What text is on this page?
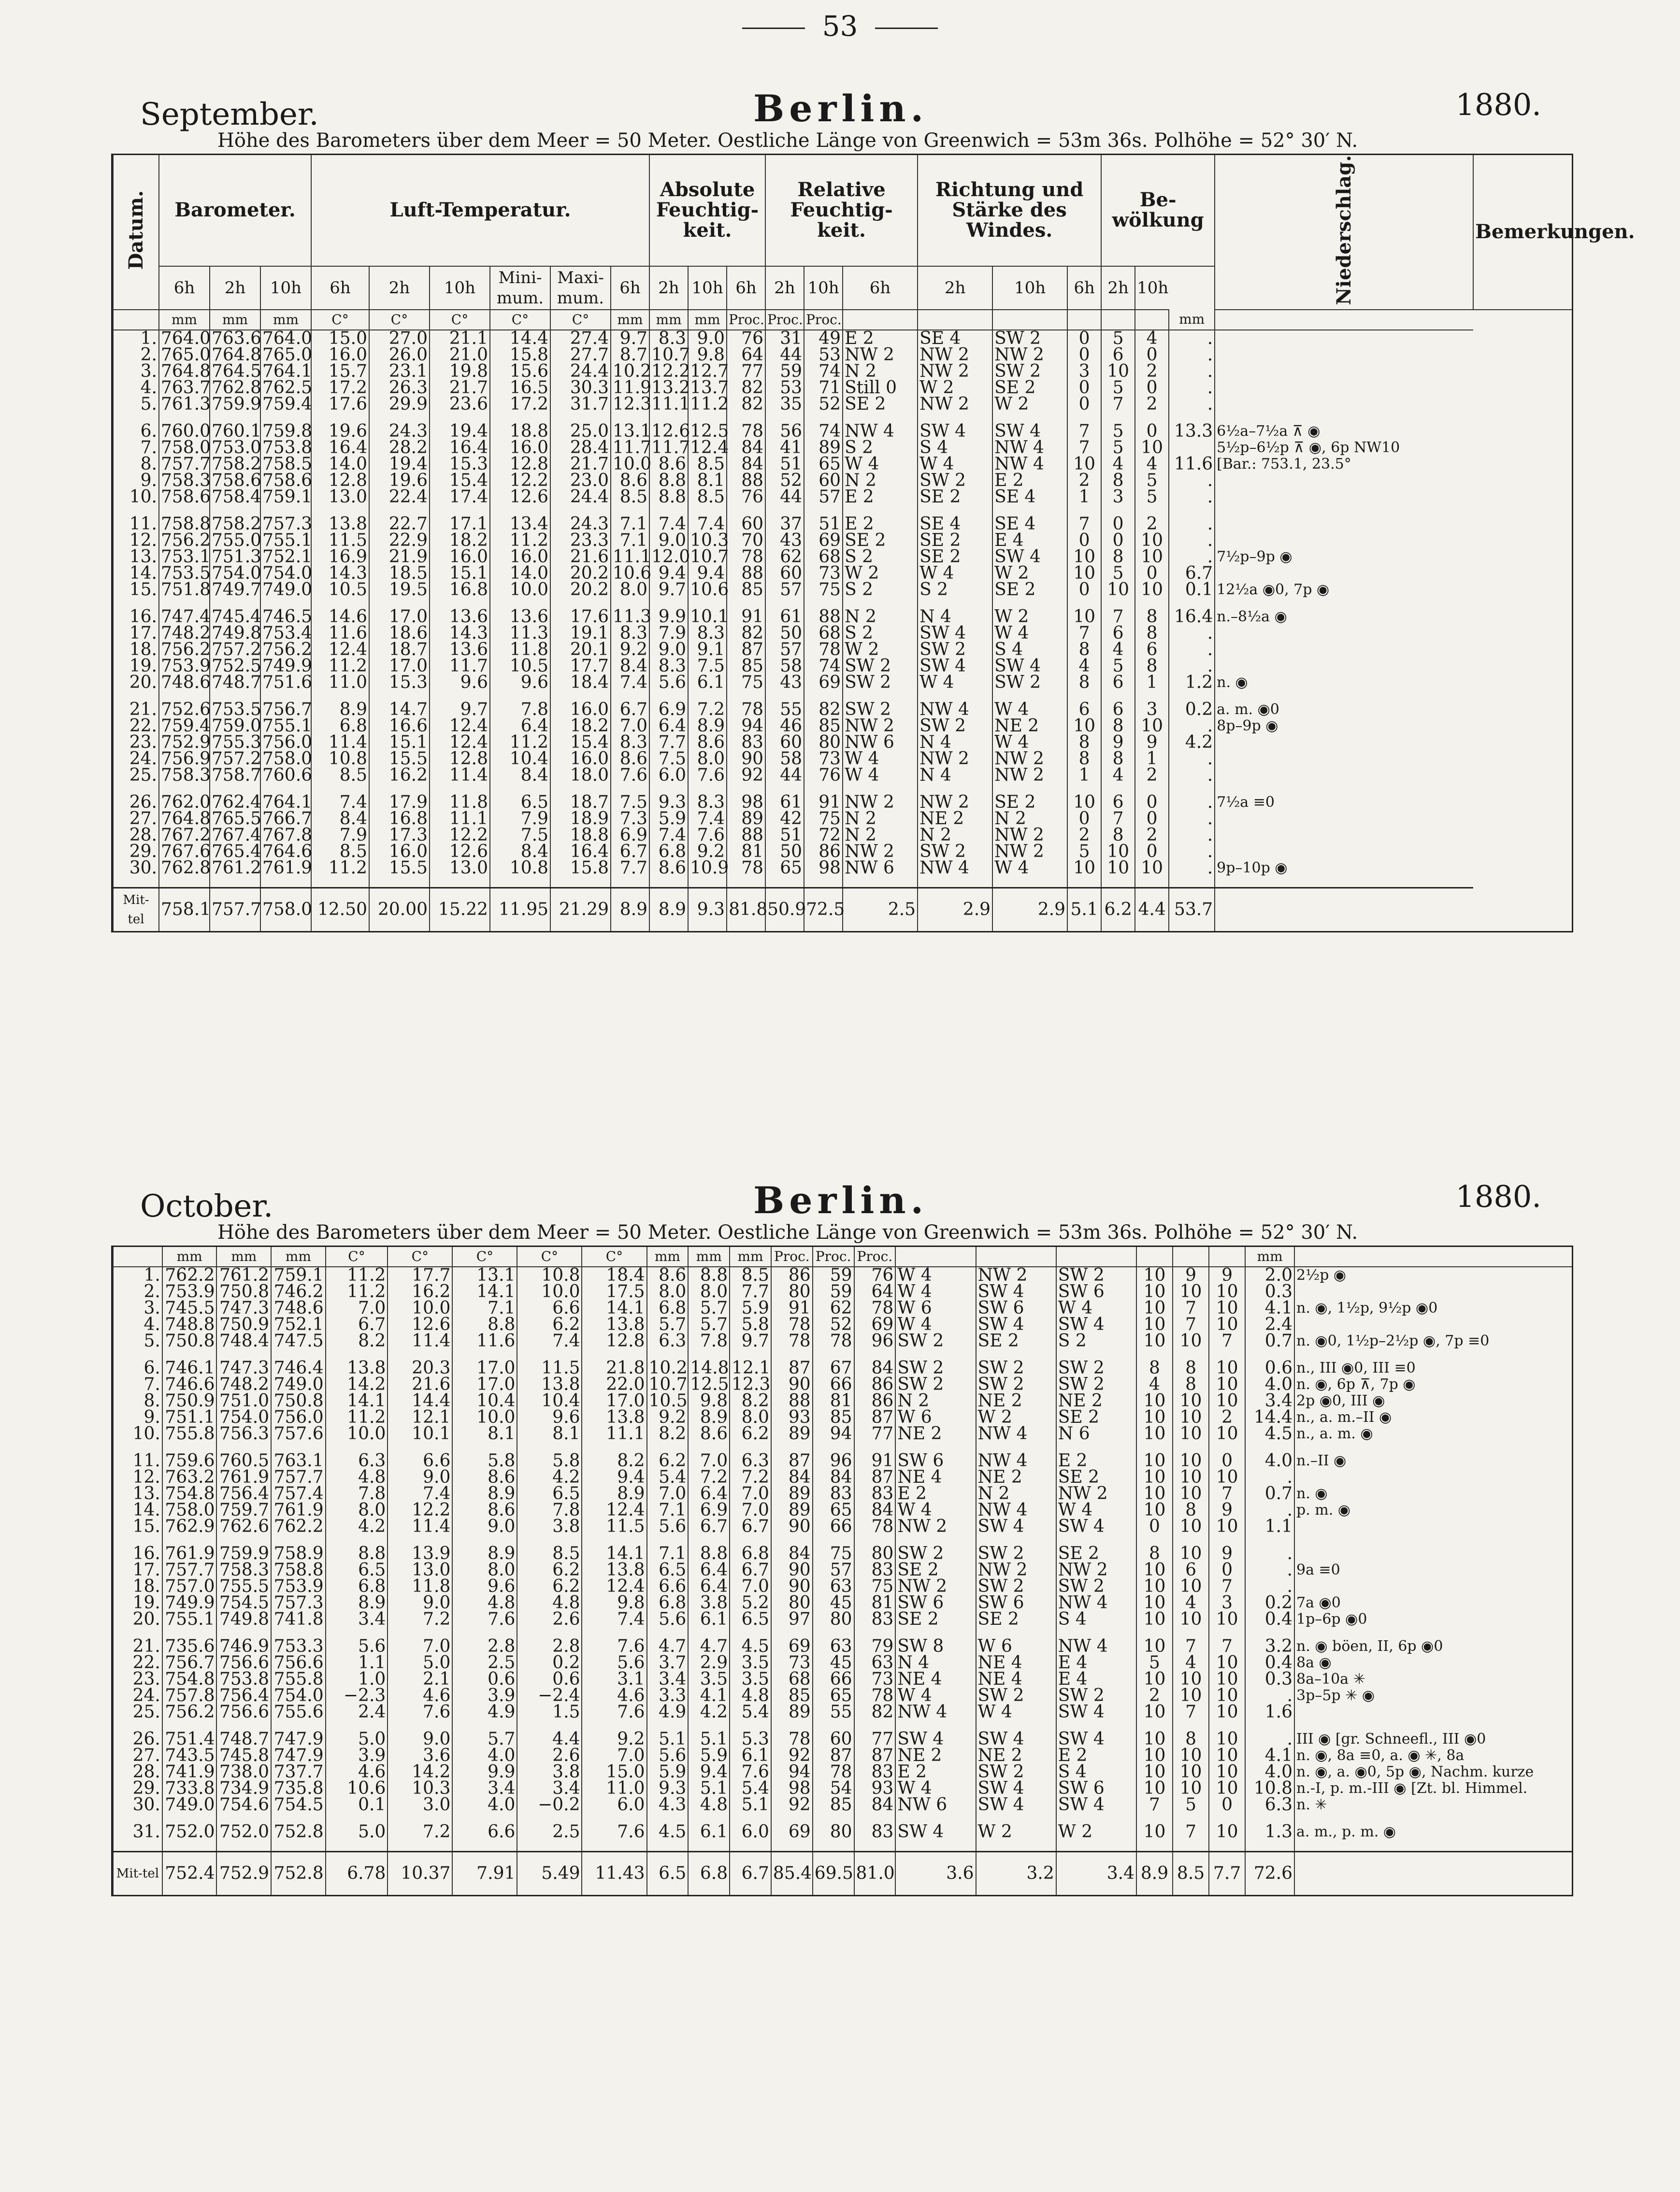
53
September.	Berlin.	1880.
Höhe des Barometers über dem Meer = 50 Meter. Oestliche Länge von Greenwich = 53m 36s. Polhöhe = 52° 30′ N.
Datum.	Barometer.			Luft-Temperatur.						Absolute Feuchtig-keit.			Relative Feuchtig-keit.			Richtung und Stärke des Windes.			Be-wölkung			Niederschlag.	Bemerkungen.
	6h	2h	10h	6h	2h	10h	Mini-mum.	Maxi-mum.	6h	2h	10h	6h	2h	10h	6h	2h	10h	6h	2h	10h			
	mm	mm	mm	C°	C°	C°	C°	C°	mm	mm	mm	Proc.	Proc.	Proc.							mm		
1.	764.0	763.6	764.0	15.0	27.0	21.1	14.4	27.4	9.7	8.3	9.0	76	31	49	E 2	SE 4	SW 2	0	5	4	.		
2.	765.0	764.8	765.0	16.0	26.0	21.0	15.8	27.7	8.7	10.7	9.8	64	44	53	NW 2	NW 2	NW 2	0	6	0	.		
3.	764.8	764.5	764.1	15.7	23.1	19.8	15.6	24.4	10.2	12.2	12.7	77	59	74	N 2	NW 2	SW 2	3	10	2	.		
4.	763.7	762.8	762.5	17.2	26.3	21.7	16.5	30.3	11.9	13.2	13.7	82	53	71	Still 0	W 2	SE 2	0	5	0	.		
5.	761.3	759.9	759.4	17.6	29.9	23.6	17.2	31.7	12.3	11.1	11.2	82	35	52	SE 2	NW 2	W 2	0	7	2	.		

6.	760.0	760.1	759.8	19.6	24.3	19.4	18.8	25.0	13.1	12.6	12.5	78	56	74	NW 4	SW 4	SW 4	7	5	0	13.3	6½a–7½a ⊼ ◉	
7.	758.0	753.0	753.8	16.4	28.2	16.4	16.0	28.4	11.7	11.7	12.4	84	41	89	S 2	S 4	NW 4	7	5	10		5½p–6½p ⊼ ◉, 6p NW10	
8.	757.7	758.2	758.5	14.0	19.4	15.3	12.8	21.7	10.0	8.6	8.5	84	51	65	W 4	W 4	NW 4	10	4	4	11.6	[Bar.: 753.1, 23.5°	
9.	758.3	758.6	758.6	12.8	19.6	15.4	12.2	23.0	8.6	8.8	8.1	88	52	60	N 2	SW 2	E 2	2	8	5	.		
10.	758.6	758.4	759.1	13.0	22.4	17.4	12.6	24.4	8.5	8.8	8.5	76	44	57	E 2	SE 2	SE 4	1	3	5	.		

11.	758.8	758.2	757.3	13.8	22.7	17.1	13.4	24.3	7.1	7.4	7.4	60	37	51	E 2	SE 4	SE 4	7	0	2	.		
12.	756.2	755.0	755.1	11.5	22.9	18.2	11.2	23.3	7.1	9.0	10.3	70	43	69	SE 2	SE 2	E 4	0	0	10	.		
13.	753.1	751.3	752.1	16.9	21.9	16.0	16.0	21.6	11.1	12.0	10.7	78	62	68	S 2	SE 2	SW 4	10	8	10	.	7½p–9p ◉	
14.	753.5	754.0	754.0	14.3	18.5	15.1	14.0	20.2	10.6	9.4	9.4	88	60	73	W 2	W 4	W 2	10	5	0	6.7		
15.	751.8	749.7	749.0	10.5	19.5	16.8	10.0	20.2	8.0	9.7	10.6	85	57	75	S 2	S 2	SE 2	0	10	10	0.1	12½a ◉0, 7p ◉	

16.	747.4	745.4	746.5	14.6	17.0	13.6	13.6	17.6	11.3	9.9	10.1	91	61	88	N 2	N 4	W 2	10	7	8	16.4	n.–8½a ◉	
17.	748.2	749.8	753.4	11.6	18.6	14.3	11.3	19.1	8.3	7.9	8.3	82	50	68	S 2	SW 4	W 4	7	6	8	.		
18.	756.2	757.2	756.2	12.4	18.7	13.6	11.8	20.1	9.2	9.0	9.1	87	57	78	W 2	SW 2	S 4	8	4	6	.		
19.	753.9	752.5	749.9	11.2	17.0	11.7	10.5	17.7	8.4	8.3	7.5	85	58	74	SW 2	SW 4	SW 4	4	5	8	.		
20.	748.6	748.7	751.6	11.0	15.3	9.6	9.6	18.4	7.4	5.6	6.1	75	43	69	SW 2	W 4	SW 2	8	6	1	1.2	n. ◉	

21.	752.6	753.5	756.7	8.9	14.7	9.7	7.8	16.0	6.7	6.9	7.2	78	55	82	SW 2	NW 4	W 4	6	6	3	0.2	a. m. ◉0	
22.	759.4	759.0	755.1	6.8	16.6	12.4	6.4	18.2	7.0	6.4	8.9	94	46	85	NW 2	SW 2	NE 2	10	8	10	.	8p–9p ◉	
23.	752.9	755.3	756.0	11.4	15.1	12.4	11.2	15.4	8.3	7.7	8.6	83	60	80	NW 6	N 4	W 4	8	9	9	4.2		
24.	756.9	757.2	758.0	10.8	15.5	12.8	10.4	16.0	8.6	7.5	8.0	90	58	73	W 4	NW 2	NW 2	8	8	1	.		
25.	758.3	758.7	760.6	8.5	16.2	11.4	8.4	18.0	7.6	6.0	7.6	92	44	76	W 4	N 4	NW 2	1	4	2	.		

26.	762.0	762.4	764.1	7.4	17.9	11.8	6.5	18.7	7.5	9.3	8.3	98	61	91	NW 2	NW 2	SE 2	10	6	0	.	7½a ≡0	
27.	764.8	765.5	766.7	8.4	16.8	11.1	7.9	18.9	7.3	5.9	7.4	89	42	75	N 2	NE 2	N 2	0	7	0	.		
28.	767.2	767.4	767.8	7.9	17.3	12.2	7.5	18.8	6.9	7.4	7.6	88	51	72	N 2	N 2	NW 2	2	8	2	.		
29.	767.6	765.4	764.6	8.5	16.0	12.6	8.4	16.4	6.7	6.8	9.2	81	50	86	NW 2	SW 2	NW 2	5	10	0	.		
30.	762.8	761.2	761.9	11.2	15.5	13.0	10.8	15.8	7.7	8.6	10.9	78	65	98	NW 6	NW 4	W 4	10	10	10	.	9p–10p ◉	

Mit-tel	758.1	757.7	758.0	12.50	20.00	15.22	11.95	21.29	8.9	8.9	9.3	81.8	50.9	72.5	2.5	2.9	2.9	5.1	6.2	4.4	53.7		
October.	Berlin.	1880.
Höhe des Barometers über dem Meer = 50 Meter. Oestliche Länge von Greenwich = 53m 36s. Polhöhe = 52° 30′ N.
	mm	mm	mm	C°	C°	C°	C°	C°	mm	mm	mm	Proc.	Proc.	Proc.							mm	
1.	762.2	761.2	759.1	11.2	17.7	13.1	10.8	18.4	8.6	8.8	8.5	86	59	76	W 4	NW 2	SW 2	10	9	9	2.0	2½p ◉
2.	753.9	750.8	746.2	11.2	16.2	14.1	10.0	17.5	8.0	8.0	7.7	80	59	64	W 4	SW 4	SW 6	10	10	10	0.3	
3.	745.5	747.3	748.6	7.0	10.0	7.1	6.6	14.1	6.8	5.7	5.9	91	62	78	W 6	SW 6	W 4	10	7	10	4.1	n. ◉, 1½p, 9½p ◉0
4.	748.8	750.9	752.1	6.7	12.6	8.8	6.2	13.8	5.7	5.7	5.8	78	52	69	W 4	SW 4	SW 4	10	7	10	2.4	
5.	750.8	748.4	747.5	8.2	11.4	11.6	7.4	12.8	6.3	7.8	9.7	78	78	96	SW 2	SE 2	S 2	10	10	7	0.7	n. ◉0, 1½p–2½p ◉, 7p ≡0

6.	746.1	747.3	746.4	13.8	20.3	17.0	11.5	21.8	10.2	14.8	12.1	87	67	84	SW 2	SW 2	SW 2	8	8	10	0.6	n., III ◉0, III ≡0
7.	746.6	748.2	749.0	14.2	21.6	17.0	13.8	22.0	10.7	12.5	12.3	90	66	86	SW 2	SW 2	SW 2	4	8	10	4.0	n. ◉, 6p ⊼, 7p ◉
8.	750.9	751.0	750.8	14.1	14.4	10.4	10.4	17.0	10.5	9.8	8.2	88	81	86	N 2	NE 2	NE 2	10	10	10	3.4	2p ◉0, III ◉
9.	751.1	754.0	756.0	11.2	12.1	10.0	9.6	13.8	9.2	8.9	8.0	93	85	87	W 6	W 2	SE 2	10	10	2	14.4	n., a. m.–II ◉
10.	755.8	756.3	757.6	10.0	10.1	8.1	8.1	11.1	8.2	8.6	6.2	89	94	77	NE 2	NW 4	N 6	10	10	10	4.5	n., a. m. ◉

11.	759.6	760.5	763.1	6.3	6.6	5.8	5.8	8.2	6.2	7.0	6.3	87	96	91	SW 6	NW 4	E 2	10	10	0	4.0	n.–II ◉
12.	763.2	761.9	757.7	4.8	9.0	8.6	4.2	9.4	5.4	7.2	7.2	84	84	87	NE 4	NE 2	SE 2	10	10	10	.	
13.	754.8	756.4	757.4	7.8	7.4	8.9	6.5	8.9	7.0	6.4	7.0	89	83	83	E 2	N 2	NW 2	10	10	7	0.7	n. ◉
14.	758.0	759.7	761.9	8.0	12.2	8.6	7.8	12.4	7.1	6.9	7.0	89	65	84	W 4	NW 4	W 4	10	8	9	.	p. m. ◉
15.	762.9	762.6	762.2	4.2	11.4	9.0	3.8	11.5	5.6	6.7	6.7	90	66	78	NW 2	SW 4	SW 4	0	10	10	1.1	

16.	761.9	759.9	758.9	8.8	13.9	8.9	8.5	14.1	7.1	8.8	6.8	84	75	80	SW 2	SW 2	SE 2	8	10	9	.	
17.	757.7	758.3	758.8	6.5	13.0	8.0	6.2	13.8	6.5	6.4	6.7	90	57	83	SE 2	NW 2	NW 2	10	6	0	.	9a ≡0
18.	757.0	755.5	753.9	6.8	11.8	9.6	6.2	12.4	6.6	6.4	7.0	90	63	75	NW 2	SW 2	SW 2	10	10	7	.	
19.	749.9	754.5	757.3	8.9	9.0	4.8	4.8	9.8	6.8	3.8	5.2	80	45	81	SW 6	SW 6	NW 4	10	4	3	0.2	7a ◉0
20.	755.1	749.8	741.8	3.4	7.2	7.6	2.6	7.4	5.6	6.1	6.5	97	80	83	SE 2	SE 2	S 4	10	10	10	0.4	1p–6p ◉0

21.	735.6	746.9	753.3	5.6	7.0	2.8	2.8	7.6	4.7	4.7	4.5	69	63	79	SW 8	W 6	NW 4	10	7	7	3.2	n. ◉ böen, II, 6p ◉0
22.	756.7	756.6	756.6	1.1	5.0	2.5	0.2	5.6	3.7	2.9	3.5	73	45	63	N 4	NE 4	E 4	5	4	10	0.4	8a ◉
23.	754.8	753.8	755.8	1.0	2.1	0.6	0.6	3.1	3.4	3.5	3.5	68	66	73	NE 4	NE 4	E 4	10	10	10	0.3	8a–10a ✳
24.	757.8	756.4	754.0	−2.3	4.6	3.9	−2.4	4.6	3.3	4.1	4.8	85	65	78	W 4	SW 2	SW 2	2	10	10	.	3p–5p ✳ ◉
25.	756.2	756.6	755.6	2.4	7.6	4.9	1.5	7.6	4.9	4.2	5.4	89	55	82	NW 4	W 4	SW 4	10	7	10	1.6	

26.	751.4	748.7	747.9	5.0	9.0	5.7	4.4	9.2	5.1	5.1	5.3	78	60	77	SW 4	SW 4	SW 4	10	8	10	.	III ◉ [gr. Schneefl., III ◉0
27.	743.5	745.8	747.9	3.9	3.6	4.0	2.6	7.0	5.6	5.9	6.1	92	87	87	NE 2	NE 2	E 2	10	10	10	4.1	n. ◉, 8a ≡0, a. ◉ ✳, 8a
28.	741.9	738.0	737.7	4.6	14.2	9.9	3.8	15.0	5.9	9.4	7.6	94	78	83	E 2	SW 2	S 4	10	10	10	4.0	n. ◉, a. ◉0, 5p ◉, Nachm. kurze
29.	733.8	734.9	735.8	10.6	10.3	3.4	3.4	11.0	9.3	5.1	5.4	98	54	93	W 4	SW 4	SW 6	10	10	10	10.8	n.-I, p. m.-III ◉ [Zt. bl. Himmel.
30.	749.0	754.6	754.5	0.1	3.0	4.0	−0.2	6.0	4.3	4.8	5.1	92	85	84	NW 6	SW 4	SW 4	7	5	0	6.3	n. ✳

31.	752.0	752.0	752.8	5.0	7.2	6.6	2.5	7.6	4.5	6.1	6.0	69	80	83	SW 4	W 2	W 2	10	7	10	1.3	a. m., p. m. ◉

Mit-tel	752.4	752.9	752.8	6.78	10.37	7.91	5.49	11.43	6.5	6.8	6.7	85.4	69.5	81.0	3.6	3.2	3.4	8.9	8.5	7.7	72.6	
